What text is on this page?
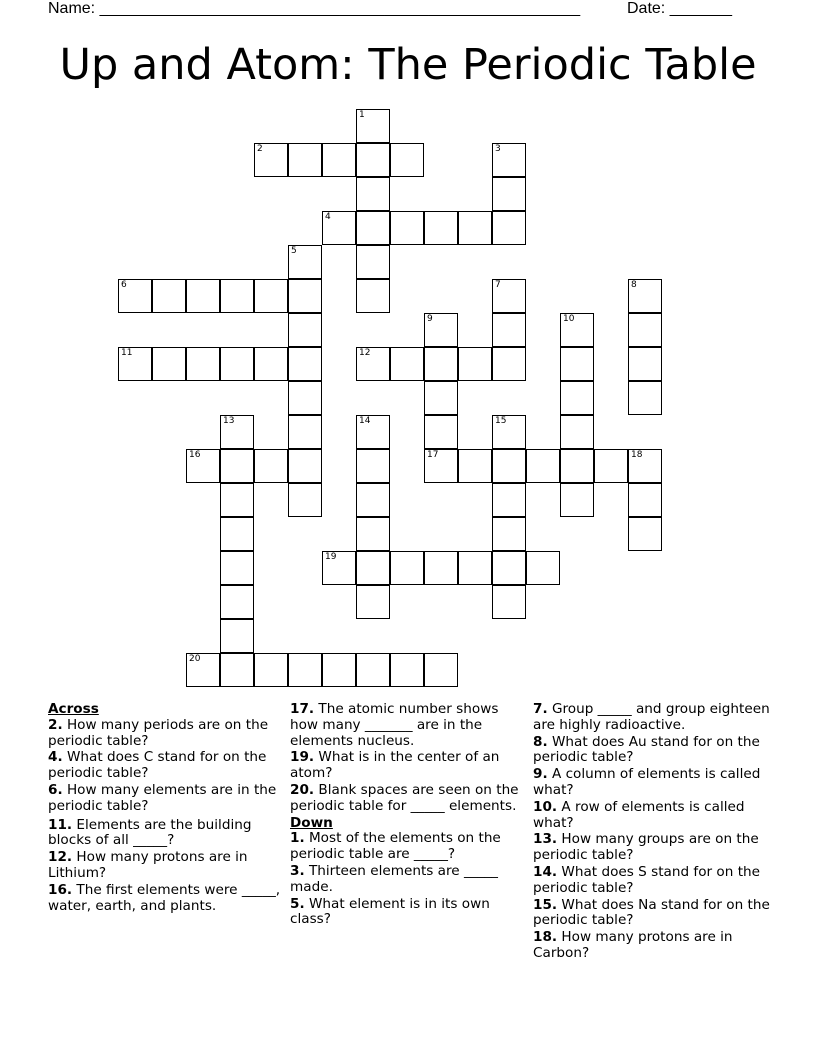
Name: ______________________________________________________	Date: _______
Up and Atom: The Periodic Table
1
2	3
4
5
6	7	8
9	10
11	12
13	14	15
16	17	18
19
20

Across

2. How many periods are on the periodic table?

4. What does C stand for on the periodic table?

6. How many elements are in the periodic table?

11. Elements are the building blocks of all _____?

12. How many protons are in Lithium?

16. The first elements were _____, water, earth, and plants.

17. The atomic number shows how many _______ are in the elements nucleus.

19. What is in the center of an atom?

20. Blank spaces are seen on the periodic table for _____ elements.

Down

1. Most of the elements on the periodic table are _____?

3. Thirteen elements are _____ made.

5. What element is in its own class?

7. Group _____ and group eighteen are highly radioactive.

8. What does Au stand for on the periodic table?

9. A column of elements is called what?

10. A row of elements is called what?

13. How many groups are on the periodic table?

14. What does S stand for on the periodic table?

15. What does Na stand for on the periodic table?

18. How many protons are in Carbon?
